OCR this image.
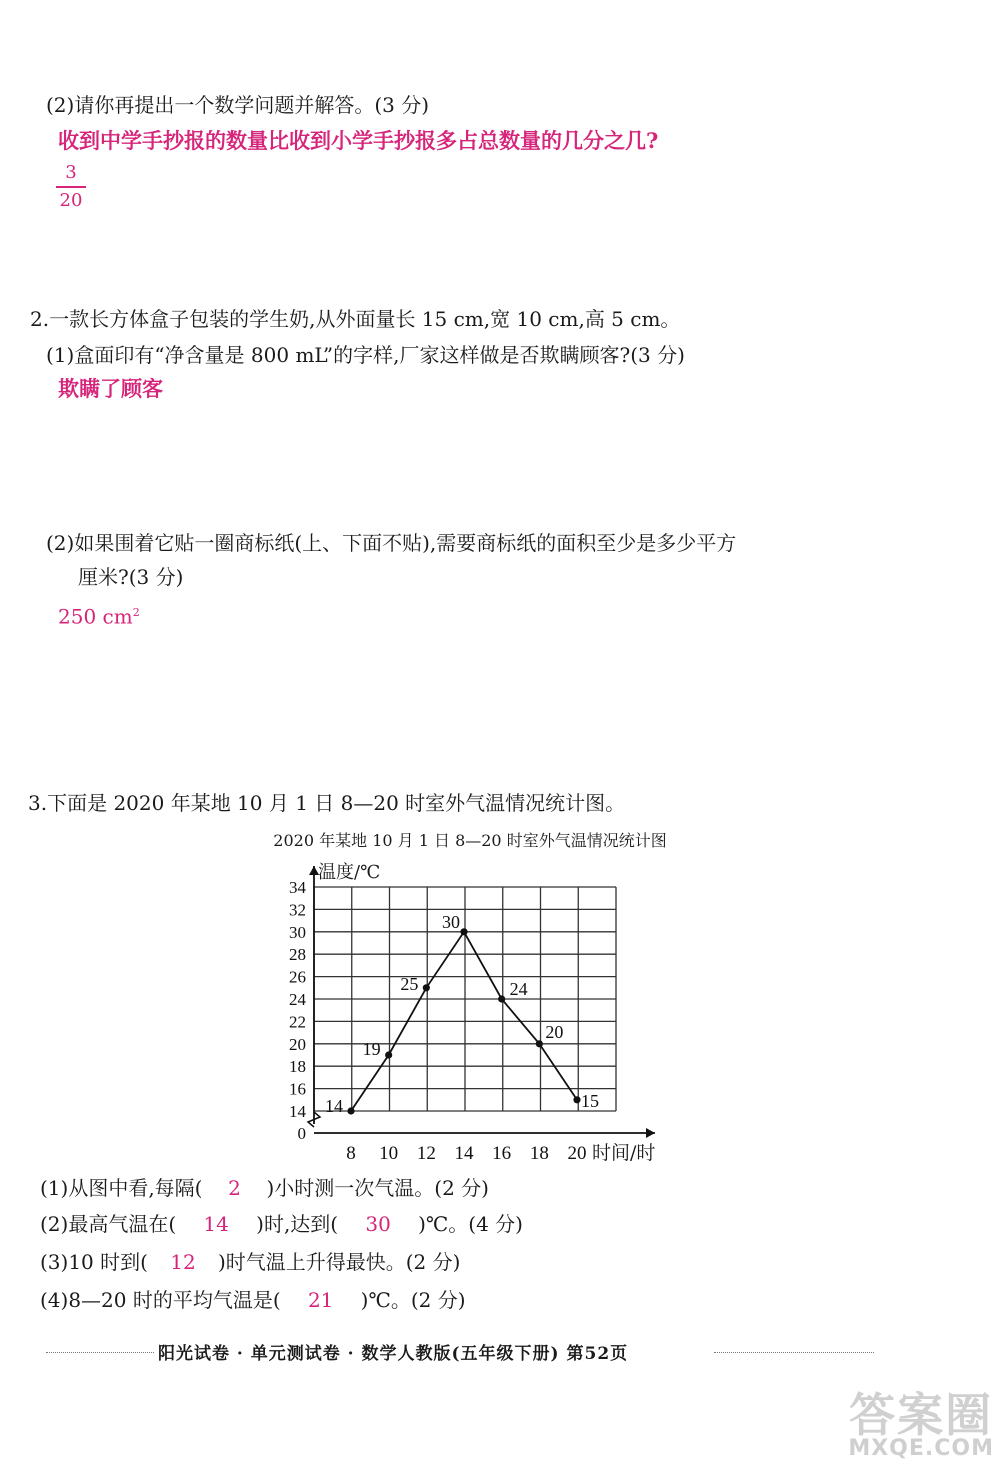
(2)请你再提出一个数学问题并解答。(3 分)
收到中学手抄报的数量比收到小学手抄报多占总数量的几分之几?
3
20
2.一款长方体盒子包装的学生奶,从外面量长 15 cm,宽 10 cm,高 5 cm。
(1)盒面印有“净含量是 800 mL”的字样,厂家这样做是否欺瞒顾客?(3 分)
欺瞒了顾客
(2)如果围着它贴一圈商标纸(上、下面不贴),需要商标纸的面积至少是多少平方
厘米?(3 分)
250 $cm^2$
3.下面是 2020 年某地 10 月 1 日 8—20 时室外气温情况统计图。
0
14
16
18
20
22
24
26
28
30
32
34
8 10 12 14 16 18 20
14
19
25
30
24
20
15
2020 年某地 10 月 1 日 8—20 时室外气温情况统计图
温度/℃
时间/时
(1)从图中看,每隔( 2 )小时测一次气温。(2 分)
(2)最高气温在( 14 )时,达到( 30 )℃。(4 分)
(3)10 时到( 12 )时气温上升得最快。(2 分)
(4)8—20 时的平均气温是( 21 )℃。(2 分)
阳光试卷 · 单元测试卷 · 数学人教版(五年级下册) 第52页
答案圈
MXQE.COM
